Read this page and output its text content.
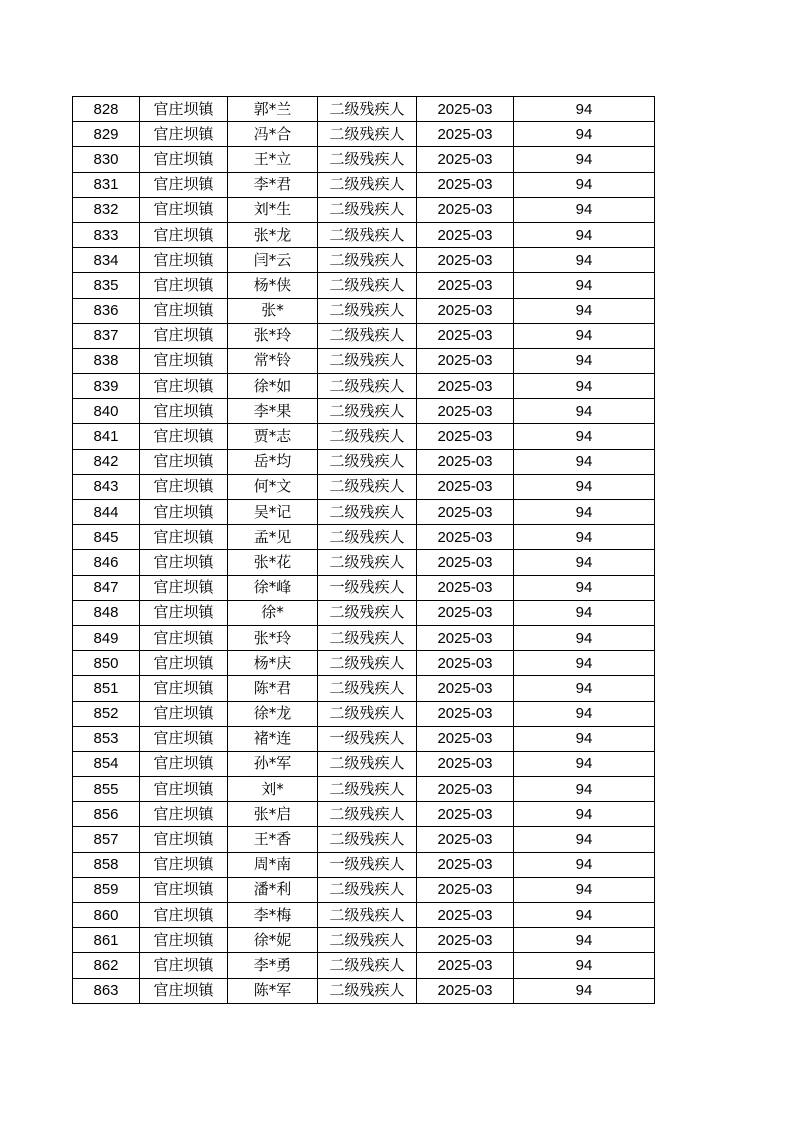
828	官庄坝镇	郭*兰	二级残疾人	2025-03	94
829	官庄坝镇	冯*合	二级残疾人	2025-03	94
830	官庄坝镇	王*立	二级残疾人	2025-03	94
831	官庄坝镇	李*君	二级残疾人	2025-03	94
832	官庄坝镇	刘*生	二级残疾人	2025-03	94
833	官庄坝镇	张*龙	二级残疾人	2025-03	94
834	官庄坝镇	闫*云	二级残疾人	2025-03	94
835	官庄坝镇	杨*侠	二级残疾人	2025-03	94
836	官庄坝镇	张*	二级残疾人	2025-03	94
837	官庄坝镇	张*玲	二级残疾人	2025-03	94
838	官庄坝镇	常*铃	二级残疾人	2025-03	94
839	官庄坝镇	徐*如	二级残疾人	2025-03	94
840	官庄坝镇	李*果	二级残疾人	2025-03	94
841	官庄坝镇	贾*志	二级残疾人	2025-03	94
842	官庄坝镇	岳*均	二级残疾人	2025-03	94
843	官庄坝镇	何*文	二级残疾人	2025-03	94
844	官庄坝镇	吴*记	二级残疾人	2025-03	94
845	官庄坝镇	孟*见	二级残疾人	2025-03	94
846	官庄坝镇	张*花	二级残疾人	2025-03	94
847	官庄坝镇	徐*峰	一级残疾人	2025-03	94
848	官庄坝镇	徐*	二级残疾人	2025-03	94
849	官庄坝镇	张*玲	二级残疾人	2025-03	94
850	官庄坝镇	杨*庆	二级残疾人	2025-03	94
851	官庄坝镇	陈*君	二级残疾人	2025-03	94
852	官庄坝镇	徐*龙	二级残疾人	2025-03	94
853	官庄坝镇	褚*连	一级残疾人	2025-03	94
854	官庄坝镇	孙*军	二级残疾人	2025-03	94
855	官庄坝镇	刘*	二级残疾人	2025-03	94
856	官庄坝镇	张*启	二级残疾人	2025-03	94
857	官庄坝镇	王*香	二级残疾人	2025-03	94
858	官庄坝镇	周*南	一级残疾人	2025-03	94
859	官庄坝镇	潘*利	二级残疾人	2025-03	94
860	官庄坝镇	李*梅	二级残疾人	2025-03	94
861	官庄坝镇	徐*妮	二级残疾人	2025-03	94
862	官庄坝镇	李*勇	二级残疾人	2025-03	94
863	官庄坝镇	陈*军	二级残疾人	2025-03	94
